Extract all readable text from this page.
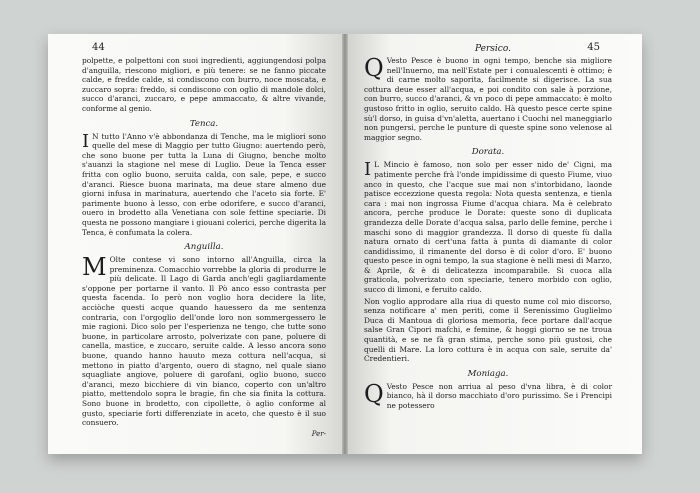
44

polpette, e polpettoni con suoi ingredienti, aggiungendosi polpa d'anguilla, riescono migliori, e più tenere: se ne fanno piccate calde, e fredde calde, si condiscono con burro, noce moscata, e zuccaro sopra: freddo, si condiscono con oglio di mandole dolci, succo d'aranci, zuccaro, e pepe ammaccato, & altre vivande, conforme al genio.

Tenca.

I N tutto l'Anno v'è abbondanza di Tenche, ma le migliori sono quelle del mese di Maggio per tutto Giugno: auertendo però, che sono buone per tutta la Luna di Giugno, benche molto s'auanzi la stagione nel mese di Luglio. Deue la Tenca esser fritta con oglio buono, seruita calda, con sale, pepe, e succo d'aranci. Riesce buona marinata, ma deue stare almeno due giorni infusa in marinatura, auertendo che l'aceto sia forte. E' parimente buono à lesso, con erbe odorifere, e succo d'aranci, ouero in brodetto alla Venetiana con sole fettine speciarie. Di questa ne possono mangiare i giouani colerici, perche digerita la Tenca, è confumata la colera.

Anguilla.

M Olte contese vi sono intorno all'Anguilla, circa la preminenza. Comacchio vorrebbe la gloria di produrre le più delicate. Il Lago di Garda anch'egli gagliardamente s'oppone per portarne il vanto. Il Pò anco esso contrasta per questa facenda. Io però non voglio hora decidere la lite, acciòche questi acque quando hauessero da me sentenza contraria, con l'orgoglio dell'onde loro non sommergessero le mie ragioni. Dico solo per l'esperienza ne tengo, che tutte sono buone, in particolare arrosto, polverizate con pane, poluere di canella, mastice, e zuccaro, seruite calde. A lesso ancora sono buone, quando hanno hauuto meza cottura nell'acqua, si mettono in piatto d'argento, ouero di stagno, nel quale siano squagliate angiove, poluere di garofani, oglio buono, succo d'aranci, mezo bicchiere di vin bianco, coperto con un'altro piatto, mettendolo sopra le bragie, fin che sia finita la cottura. Sono buone in brodetto, con cipollette, ò aglio conforme al gusto, speciarie forti differenziate in aceto, che questo è il suo consuero.

Per-
Persico.	45

Q Vesto Pesce è buono in ogni tempo, benche sia migliore nell'Inuerno, ma nell'Estate per i conualescenti è ottimo; è di carne molto saporita, facilmente si digerisce. La sua cottura deue esser all'acqua, e poi condito con sale à porzione, con burro, succo d'aranci, & vn poco di pepe ammaccato: è molto gustoso fritto in oglio, seruito caldo. Hà questo pesce certe spine sù'l dorso, in guisa d'vn'aletta, auertano i Cuochi nel maneggiarlo non pungersi, perche le punture di queste spine sono velenose al maggior segno.

Dorata.

I L Mincio è famoso, non solo per esser nido de' Cigni, ma patimente perche frà l'onde impidissime di questo Fiume, viuo anco in questo, che l'acque sue mai non s'intorbidano, laonde patisce eccezzione questa regola: Nota questa sentenza, e tienla cara : mai non ingrossa Fiume d'acqua chiara. Ma è celebrato ancora, perche produce le Dorate: queste sono di duplicata grandezza delle Dorate d'acqua salsa, parlo delle femine, perche i maschi sono di maggior grandezza. Il dorso di queste fù dalla natura ornato di cert'una fatta à punta di diamante di color candidissimo, il rimanente del dorso è di color d'oro. E' buono questo pesce in ogni tempo, la sua stagione è nelli mesi di Marzo, & Aprile, & è di delicatezza incomparabile. Si cuoca alla graticola, polverizato con speciarie, tenero morbido con oglio, succo di limoni, e feruito caldo.

Non voglio approdare alla riua di questo nume col mio discorso, senza notificare a' men periti, come il Serenissimo Guglielmo Duca di Mantoua di gloriosa memoria, fece portare dall'acque salse Gran Cipori mafchi, e femine, & hoggi giorno se ne troua quantità, e se ne fà gran stima, perche sono più gustosi, che quelli di Mare. La loro cottura è in acqua con sale, seruite da' Credentieri.

Moniaga.

Q Vesto Pesce non arriua al peso d'vna libra, è di color bianco, hà il dorso macchiato d'oro purissimo. Se i Prencipi ne potessero
